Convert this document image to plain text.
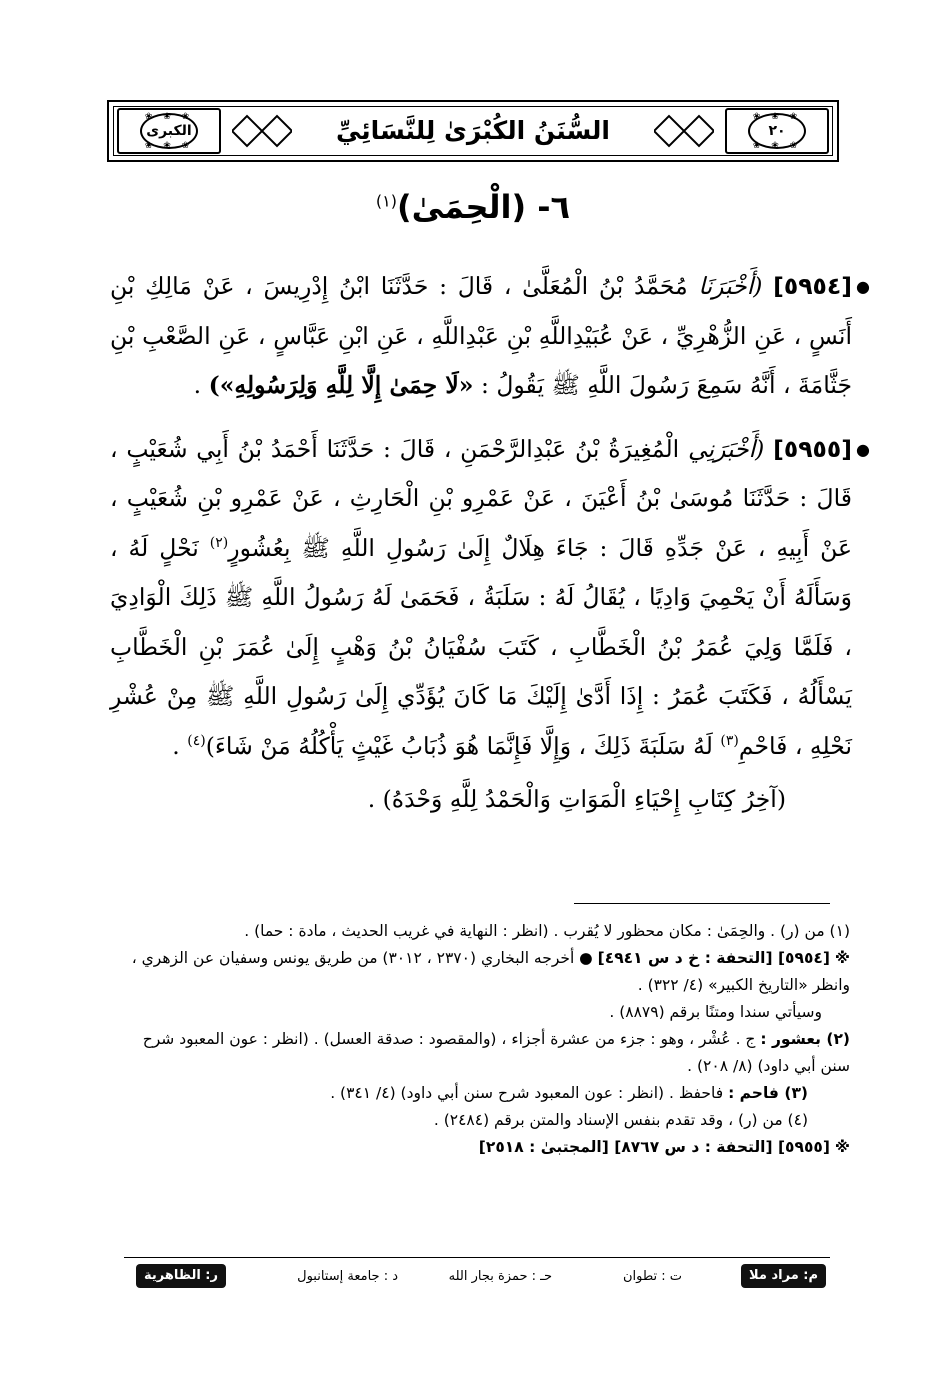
❀ ❀ ❀
٢٠
❀ ❀ ❀
السُّنَنُ الكُبْرَىٰ لِلنَّسَائِيِّ
❀ ❀ ❀
الكبرى
❀ ❀ ❀
٦- (الْحِمَىٰ)$^{(١)}$

●
[٥٩٥٤] (أَخْبَرَنَا مُحَمَّدُ بْنُ الْمُعَلَّىٰ ، قَالَ : حَدَّثَنَا ابْنُ إِدْرِيسَ ، عَنْ مَالِكِ بْنِ أَنَسٍ ، عَنِ الزُّهْرِيِّ ، عَنْ عُبَيْدِاللَّهِ بْنِ عَبْدِاللَّهِ ، عَنِ ابْنِ عَبَّاسٍ ، عَنِ الصَّعْبِ بْنِ جَثَّامَةَ ، أَنَّهُ سَمِعَ رَسُولَ اللَّهِ ﷺ يَقُولُ : «لَا حِمَىٰ إِلَّا لِلَّهِ وَلِرَسُولِهِ») .

●
[٥٩٥٥] (أَخْبَرَنِي الْمُغِيرَةُ بْنُ عَبْدِالرَّحْمَنِ ، قَالَ : حَدَّثَنَا أَحْمَدُ بْنُ أَبِي شُعَيْبٍ ، قَالَ : حَدَّثَنَا مُوسَىٰ بْنُ أَعْيَنَ ، عَنْ عَمْرِو بْنِ الْحَارِثِ ، عَنْ عَمْرِو بْنِ شُعَيْبٍ ، عَنْ أَبِيهِ ، عَنْ جَدِّهِ قَالَ : جَاءَ هِلَالٌ إِلَىٰ رَسُولِ اللَّهِ ﷺ بِعُشُورٍ$^{(٢)}$ نَحْلٍ لَهُ ، وَسَأَلَهُ أَنْ يَحْمِيَ وَادِيًا ، يُقَالُ لَهُ : سَلَبَةُ ، فَحَمَىٰ لَهُ رَسُولُ اللَّهِ ﷺ ذَلِكَ الْوَادِيَ ، فَلَمَّا وَلِيَ عُمَرُ بْنُ الْخَطَّابِ ، كَتَبَ سُفْيَانُ بْنُ وَهْبٍ إِلَىٰ عُمَرَ بْنِ الْخَطَّابِ يَسْأَلُهُ ، فَكَتَبَ عُمَرُ : إِذَا أَدَّىٰ إِلَيْكَ مَا كَانَ يُؤَدِّي إِلَىٰ رَسُولِ اللَّهِ ﷺ مِنْ عُشْرِ نَحْلِهِ ، فَاحْمِ$^{(٣)}$ لَهُ سَلَبَةَ ذَلِكَ ، وَإِلَّا فَإِنَّمَا هُوَ ذُبَابُ غَيْثٍ يَأْكُلُهُ مَنْ شَاءَ)$^{(٤)}$ .

(آخِرُ كِتَابِ إِحْيَاءِ الْمَوَاتِ وَالْحَمْدُ لِلَّهِ وَحْدَهُ) .

(١) من (ر) . والحِمَىٰ : مكان محظور لا يُقرب . (انظر : النهاية في غريب الحديث ، مادة : حما) .

※ [٥٩٥٤] [التحفة : خ د س ٤٩٤١] ● أخرجه البخاري (٢٣٧٠ ، ٣٠١٢) من طريق يونس وسفيان عن الزهري ، وانظر «التاريخ الكبير» (٤/ ٣٢٢) .

وسيأتي سندا ومتنًا برقم (٨٨٧٩) .

(٢) بعشور : ج . عُشْر ، وهو : جزء من عشرة أجزاء ، (والمقصود : صدقة العسل) . (انظر : عون المعبود شرح سنن أبي داود) (٨/ ٢٠٨) .

(٣) فاحم : فاحفظ . (انظر : عون المعبود شرح سنن أبي داود) (٤/ ٣٤١) .

(٤) من (ر) ، وقد تقدم بنفس الإسناد والمتن برقم (٢٤٨٤) .

※ [٥٩٥٥] [التحفة : د س ٨٧٦٧] [المجتبىٰ : ٢٥١٨]

م: مراد ملا
ت : تطوان
حـ : حمزة بجار الله
د : جامعة إستانبول
ر: الظاهرية
